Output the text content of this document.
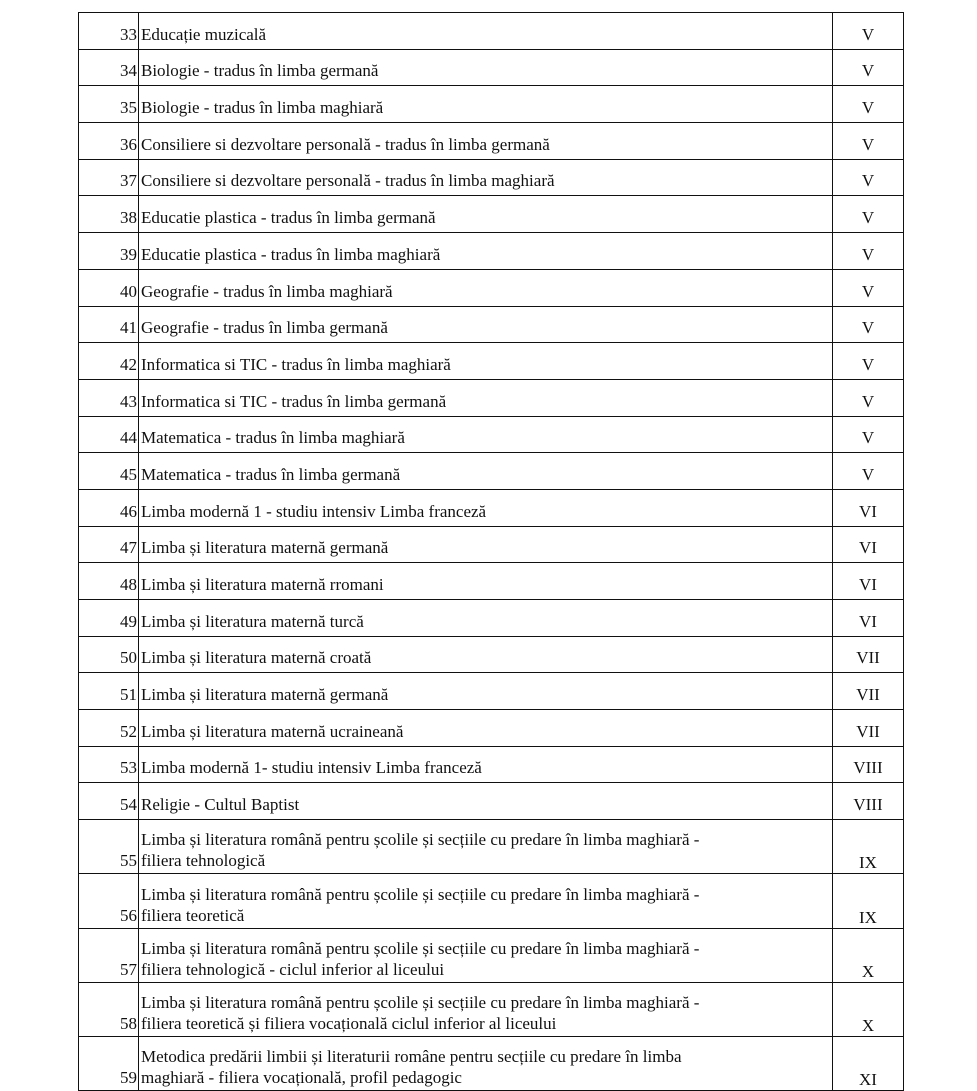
33	Educație muzicală	V
34	Biologie - tradus în limba germană	V
35	Biologie - tradus în limba maghiară	V
36	Consiliere si dezvoltare personală - tradus în limba germană	V
37	Consiliere si dezvoltare personală - tradus în limba maghiară	V
38	Educatie plastica - tradus în limba germană	V
39	Educatie plastica - tradus în limba maghiară	V
40	Geografie - tradus în limba maghiară	V
41	Geografie - tradus în limba germană	V
42	Informatica si TIC - tradus în limba maghiară	V
43	Informatica si TIC - tradus în limba germană	V
44	Matematica - tradus în limba maghiară	V
45	Matematica - tradus în limba germană	V
46	Limba modernă 1 - studiu intensiv Limba franceză	VI
47	Limba și literatura maternă germană	VI
48	Limba și literatura maternă rromani	VI
49	Limba și literatura maternă turcă	VI
50	Limba și literatura maternă croată	VII
51	Limba și literatura maternă germană	VII
52	Limba și literatura maternă ucraineană	VII
53	Limba modernă 1- studiu intensiv Limba franceză	VIII
54	Religie - Cultul Baptist	VIII
55	Limba și literatura română pentru școlile și secțiile cu predare în limba maghiară -
filiera tehnologică	IX
56	Limba și literatura română pentru școlile și secțiile cu predare în limba maghiară -
filiera teoretică	IX
57	Limba și literatura română pentru școlile și secțiile cu predare în limba maghiară -
filiera tehnologică - ciclul inferior al liceului	X
58	Limba și literatura română pentru școlile și secțiile cu predare în limba maghiară -
filiera teoretică și filiera vocațională ciclul inferior al liceului	X
59	Metodica predării limbii și literaturii române pentru secțiile cu predare în limba
maghiară - filiera vocațională, profil pedagogic	XI
